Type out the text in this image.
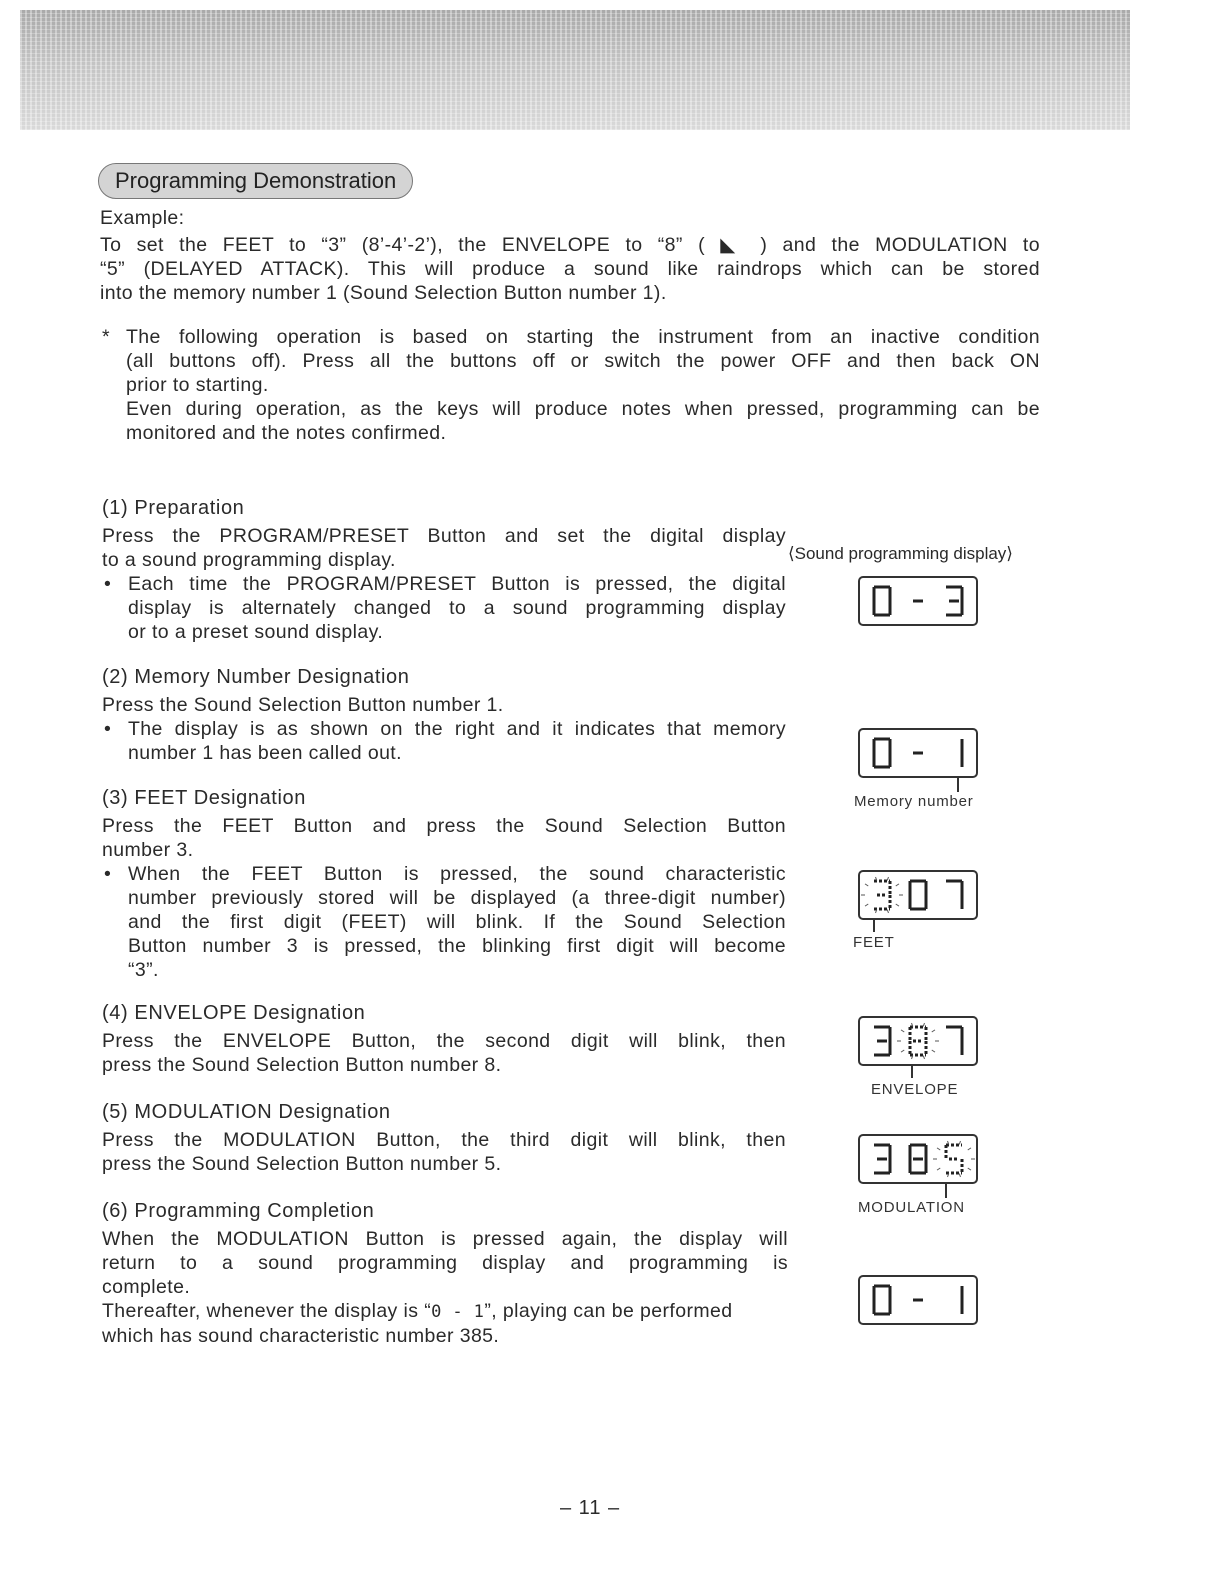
Programming Demonstration

Example:

To set the FEET to “3” (8’-4’-2’), the ENVELOPE to “8” ( ◣ ) and the MODULATION to

“5” (DELAYED ATTACK). This will produce a sound like raindrops which can be stored

into the memory number 1 (Sound Selection Button number 1).

* The following operation is based on starting the instrument from an inactive condition

(all buttons off). Press all the buttons off or switch the power OFF and then back ON

prior to starting.

Even during operation, as the keys will produce notes when pressed, programming can be

monitored and the notes confirmed.

(1) Preparation

Press the PROGRAM/PRESET Button and set the digital display

to a sound programming display.

• Each time the PROGRAM/PRESET Button is pressed, the digital

display is alternately changed to a sound programming display

or to a preset sound display.

(2) Memory Number Designation

Press the Sound Selection Button number 1.

• The display is as shown on the right and it indicates that memory

number 1 has been called out.

(3) FEET Designation

Press the FEET Button and press the Sound Selection Button

number 3.

• When the FEET Button is pressed, the sound characteristic

number previously stored will be displayed (a three-digit number)

and the first digit (FEET) will blink. If the Sound Selection

Button number 3 is pressed, the blinking first digit will become

“3”.

(4) ENVELOPE Designation

Press the ENVELOPE Button, the second digit will blink, then

press the Sound Selection Button number 8.

(5) MODULATION Designation

Press the MODULATION Button, the third digit will blink, then

press the Sound Selection Button number 5.

(6) Programming Completion

When the MODULATION Button is pressed again, the display will

return to a sound programming display and programming is

complete.

Thereafter, whenever the display is “0 - 1”, playing can be performed

which has sound characteristic number 385.

⟨Sound programming display⟩
Memory number
FEET
ENVELOPE
MODULATION
– 11 –
